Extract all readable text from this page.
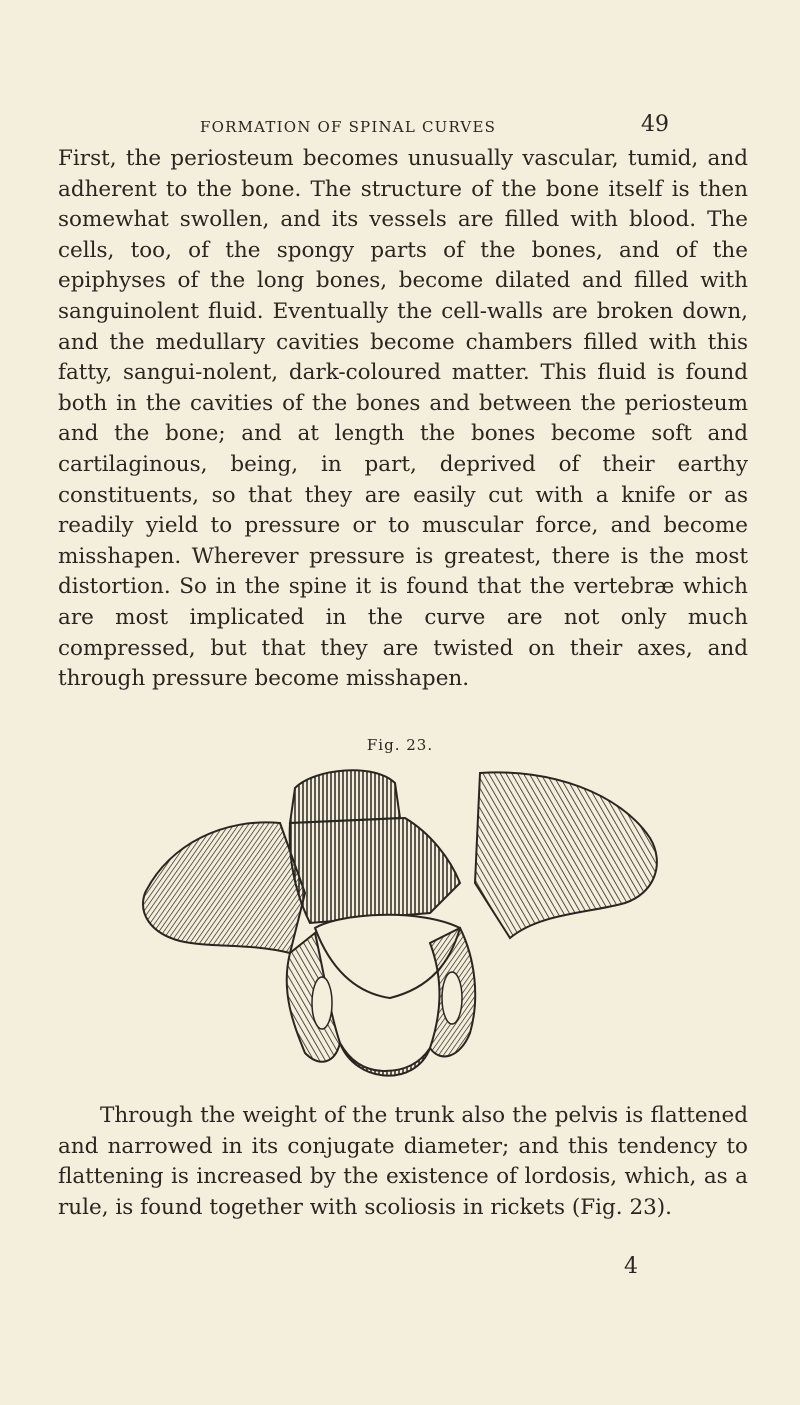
FORMATION OF SPINAL CURVES	49

First, the periosteum becomes unusually vascular, tumid, and adherent to the bone. The structure of the bone itself is then somewhat swollen, and its vessels are filled with blood. The cells, too, of the spongy parts of the bones, and of the epiphyses of the long bones, become dilated and filled with sanguinolent fluid. Eventually the cell-walls are broken down, and the medullary cavities become chambers filled with this fatty, sangui-nolent, dark-coloured matter. This fluid is found both in the cavities of the bones and between the periosteum and the bone; and at length the bones become soft and cartilaginous, being, in part, deprived of their earthy constituents, so that they are easily cut with a knife or as readily yield to pressure or to muscular force, and become misshapen. Wherever pressure is greatest, there is the most distortion. So in the spine it is found that the vertebræ which are most implicated in the curve are not only much compressed, but that they are twisted on their axes, and through pressure become misshapen.

Fig. 23.

Through the weight of the trunk also the pelvis is flattened and narrowed in its conjugate diameter; and this tendency to flattening is increased by the existence of lordosis, which, as a rule, is found together with scoliosis in rickets (Fig. 23).

4
